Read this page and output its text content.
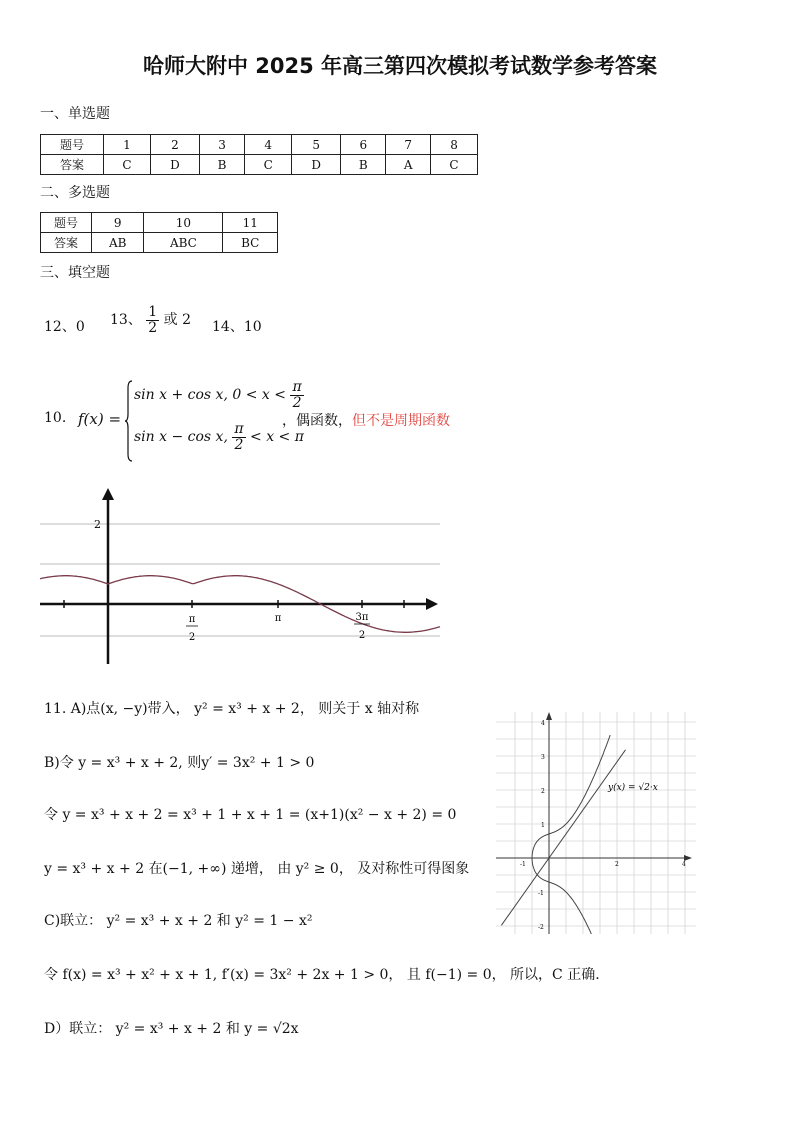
哈师大附中 2025 年高三第四次模拟考试数学参考答案
一、单选题
题号	1	2	3	4	5	6	7	8
答案	C	D	B	C	D	B	A	C
二、多选题
题号	9	10	11
答案	AB	ABC	BC
三、填空题
12、0 13、 $\frac{1}{2}$ 或 2 14、10
10. f(x) =
sin x + cos x, $0 < x < \frac{\pi}{2}$
sin x − cos x, $\frac{\pi}{2} < x < \pi$
，偶函数，但不是周期函数
2
π
2
π	3π
2
11. A)点(x, −y)带入， y² = x³ + x + 2， 则关于 x 轴对称
B)令 y = x³ + x + 2, 则y′ = 3x² + 1 > 0
令 y = x³ + x + 2 = x³ + 1 + x + 1 = (x+1)(x² − x + 2) = 0
y = x³ + x + 2 在(−1, +∞) 递增， 由 y² ≥ 0， 及对称性可得图象
C)联立： y² = x³ + x + 2 和 y² = 1 − x²
令 f(x) = x³ + x² + x + 1, f′(x) = 3x² + 2x + 1 > 0， 且 f(−1) = 0， 所以，C 正确.
D）联立： y² = x³ + x + 2 和 y = √2x
y(x) = √2·x
-1	2	4
4
3
2
1
-1
-2
